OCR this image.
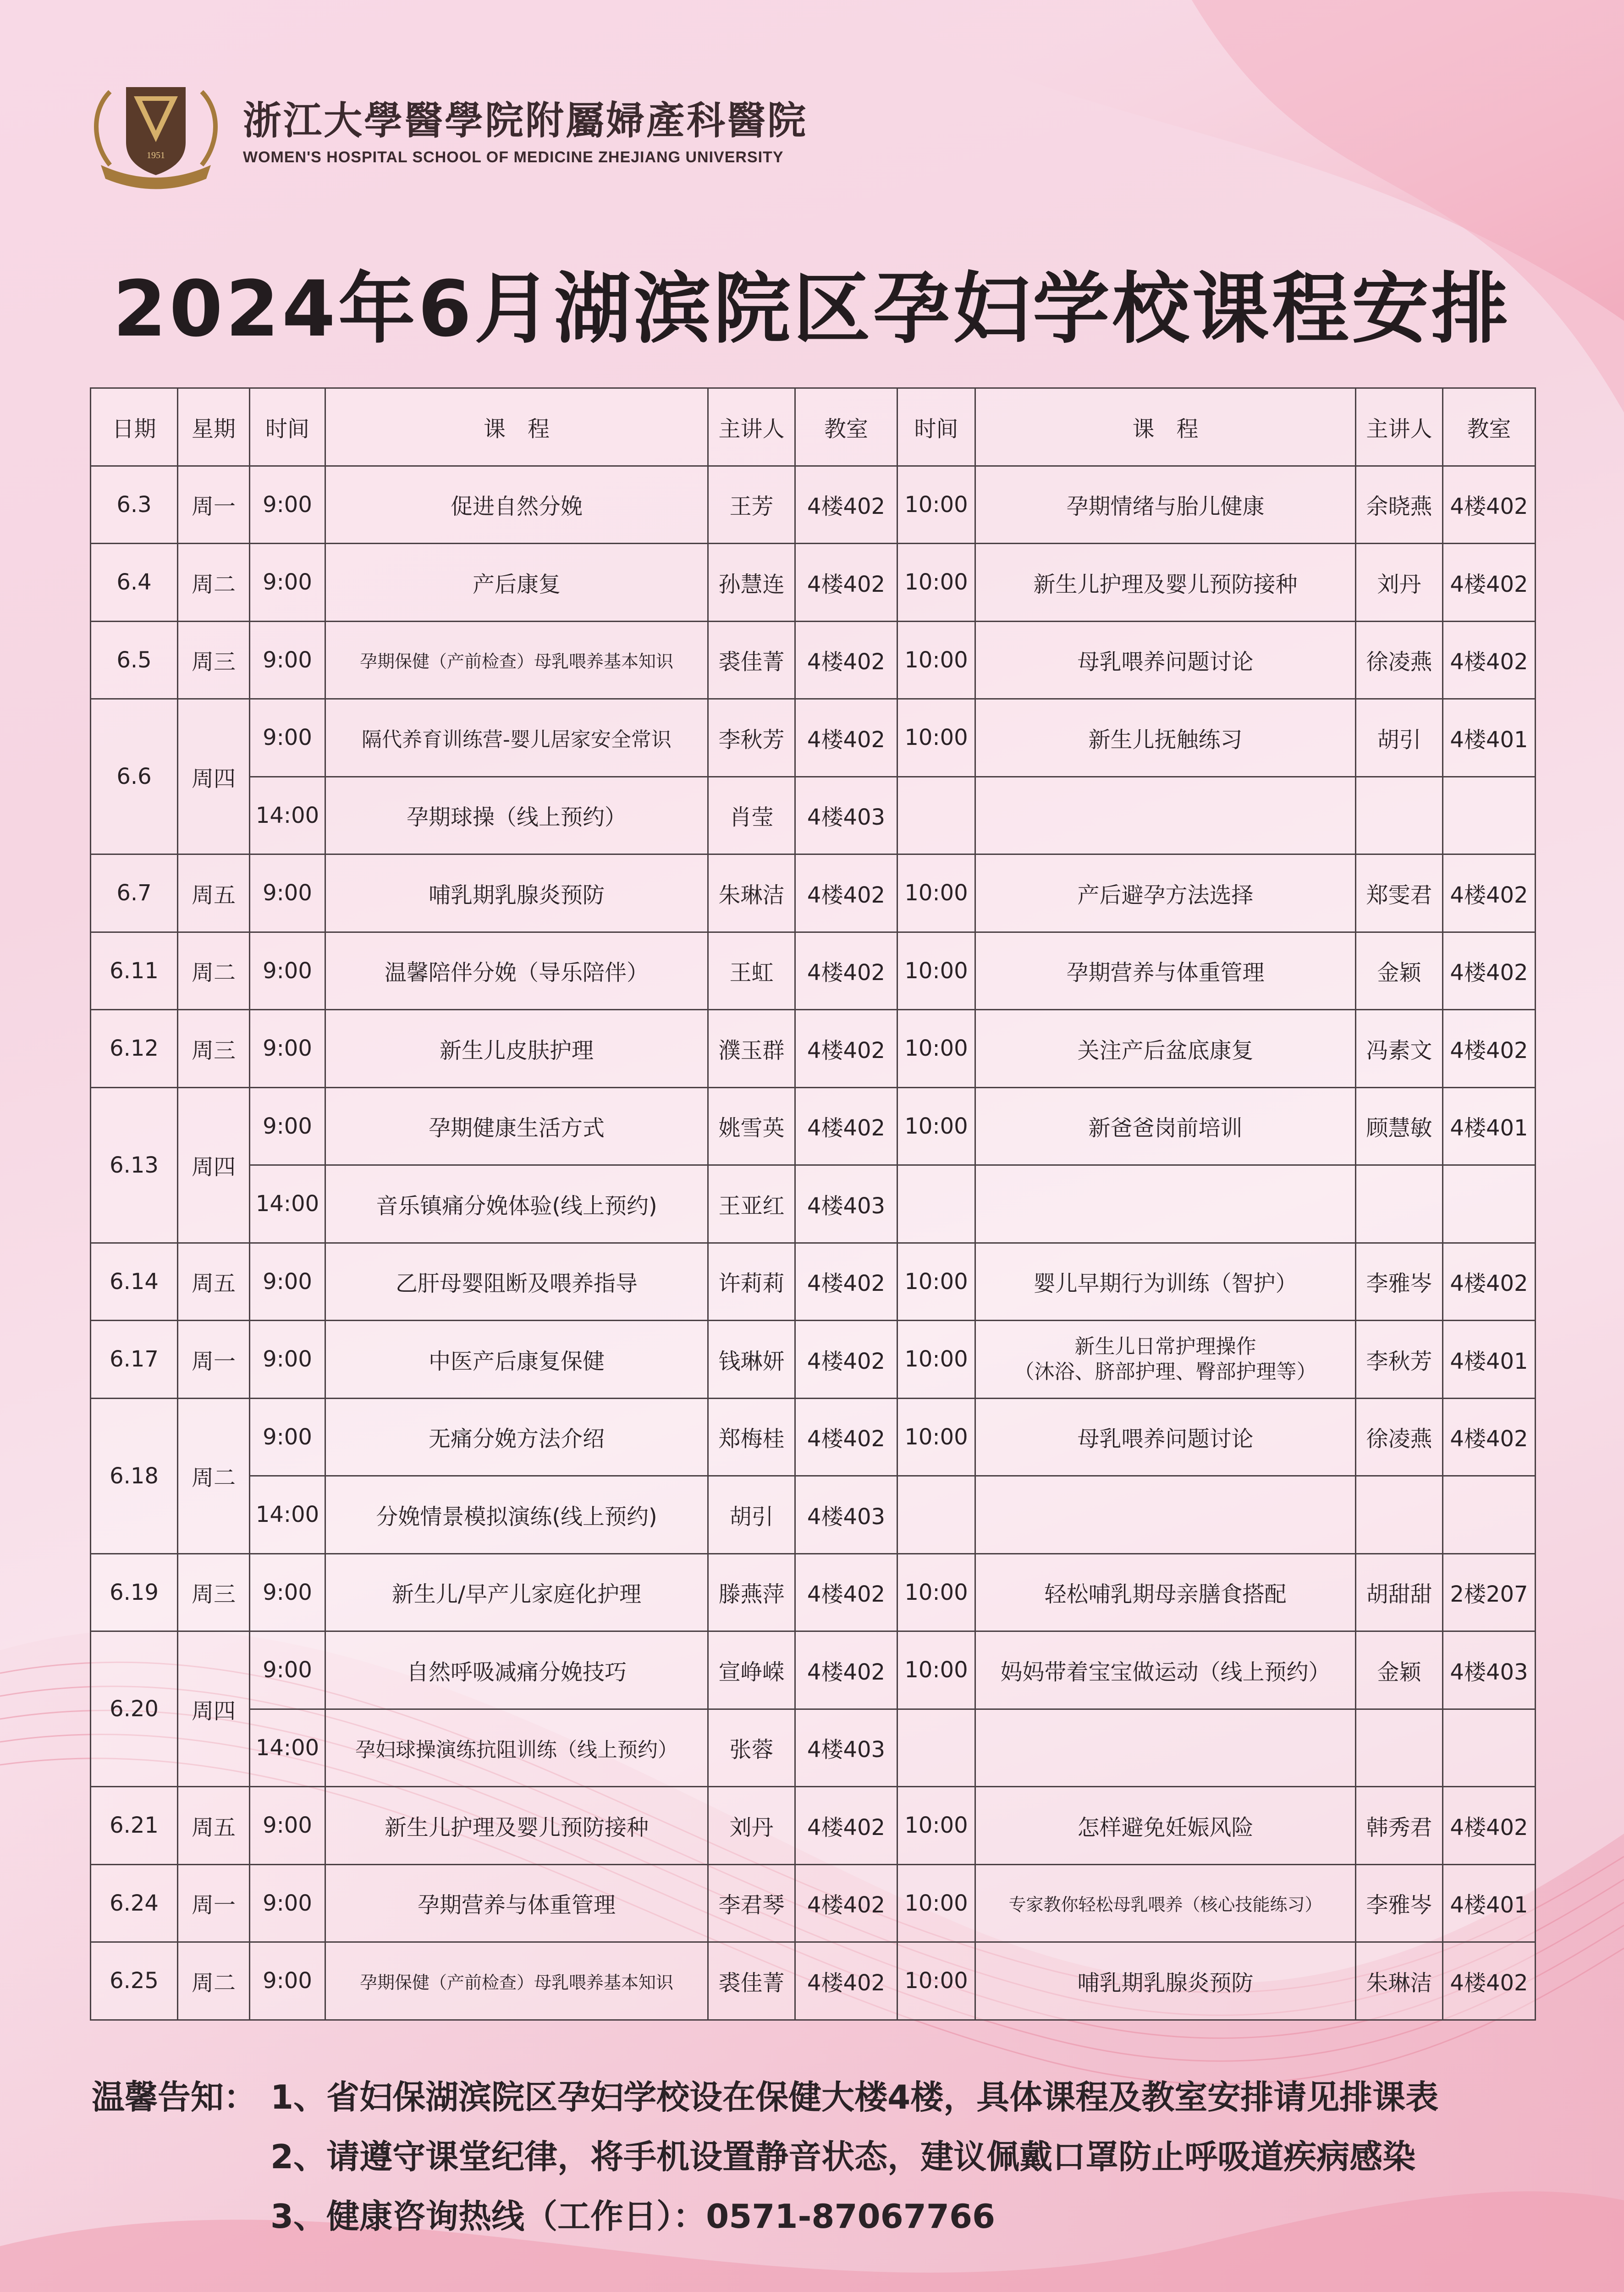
1951
浙江大學醫學院附屬婦產科醫院
WOMEN'S HOSPITAL SCHOOL OF MEDICINE ZHEJIANG UNIVERSITY
2024年6月湖滨院区孕妇学校课程安排
日期	星期	时间	课　程	主讲人	教室	时间	课　程	主讲人	教室
6.3	周一	9:00	促进自然分娩	王芳	4楼402	10:00	孕期情绪与胎儿健康	余晓燕	4楼402
6.4	周二	9:00	产后康复	孙慧连	4楼402	10:00	新生儿护理及婴儿预防接种	刘丹	4楼402
6.5	周三	9:00	孕期保健（产前检查）母乳喂养基本知识	裘佳菁	4楼402	10:00	母乳喂养问题讨论	徐凌燕	4楼402
6.6	周四	9:00	隔代养育训练营-婴儿居家安全常识	李秋芳	4楼402	10:00	新生儿抚触练习	胡引	4楼401
		14:00	孕期球操（线上预约）	肖莹	4楼403				
6.7	周五	9:00	哺乳期乳腺炎预防	朱琳洁	4楼402	10:00	产后避孕方法选择	郑雯君	4楼402
6.11	周二	9:00	温馨陪伴分娩（导乐陪伴）	王虹	4楼402	10:00	孕期营养与体重管理	金颖	4楼402
6.12	周三	9:00	新生儿皮肤护理	濮玉群	4楼402	10:00	关注产后盆底康复	冯素文	4楼402
6.13	周四	9:00	孕期健康生活方式	姚雪英	4楼402	10:00	新爸爸岗前培训	顾慧敏	4楼401
		14:00	音乐镇痛分娩体验(线上预约)	王亚红	4楼403				
6.14	周五	9:00	乙肝母婴阻断及喂养指导	许莉莉	4楼402	10:00	婴儿早期行为训练（智护）	李雅岑	4楼402
6.17	周一	9:00	中医产后康复保健	钱琳妍	4楼402	10:00	新生儿日常护理操作
（沐浴、脐部护理、臀部护理等）	李秋芳	4楼401
6.18	周二	9:00	无痛分娩方法介绍	郑梅桂	4楼402	10:00	母乳喂养问题讨论	徐凌燕	4楼402
		14:00	分娩情景模拟演练(线上预约)	胡引	4楼403				
6.19	周三	9:00	新生儿/早产儿家庭化护理	滕燕萍	4楼402	10:00	轻松哺乳期母亲膳食搭配	胡甜甜	2楼207
6.20	周四	9:00	自然呼吸减痛分娩技巧	宣峥嵘	4楼402	10:00	妈妈带着宝宝做运动（线上预约）	金颖	4楼403
		14:00	孕妇球操演练抗阻训练（线上预约）	张蓉	4楼403				
6.21	周五	9:00	新生儿护理及婴儿预防接种	刘丹	4楼402	10:00	怎样避免妊娠风险	韩秀君	4楼402
6.24	周一	9:00	孕期营养与体重管理	李君琴	4楼402	10:00	专家教你轻松母乳喂养（核心技能练习）	李雅岑	4楼401
6.25	周二	9:00	孕期保健（产前检查）母乳喂养基本知识	裘佳菁	4楼402	10:00	哺乳期乳腺炎预防	朱琳洁	4楼402
温馨告知： 1、省妇保湖滨院区孕妇学校设在保健大楼4楼，具体课程及教室安排请见排课表
2、请遵守课堂纪律，将手机设置静音状态，建议佩戴口罩防止呼吸道疾病感染
3、健康咨询热线（工作日）：0571-87067766
